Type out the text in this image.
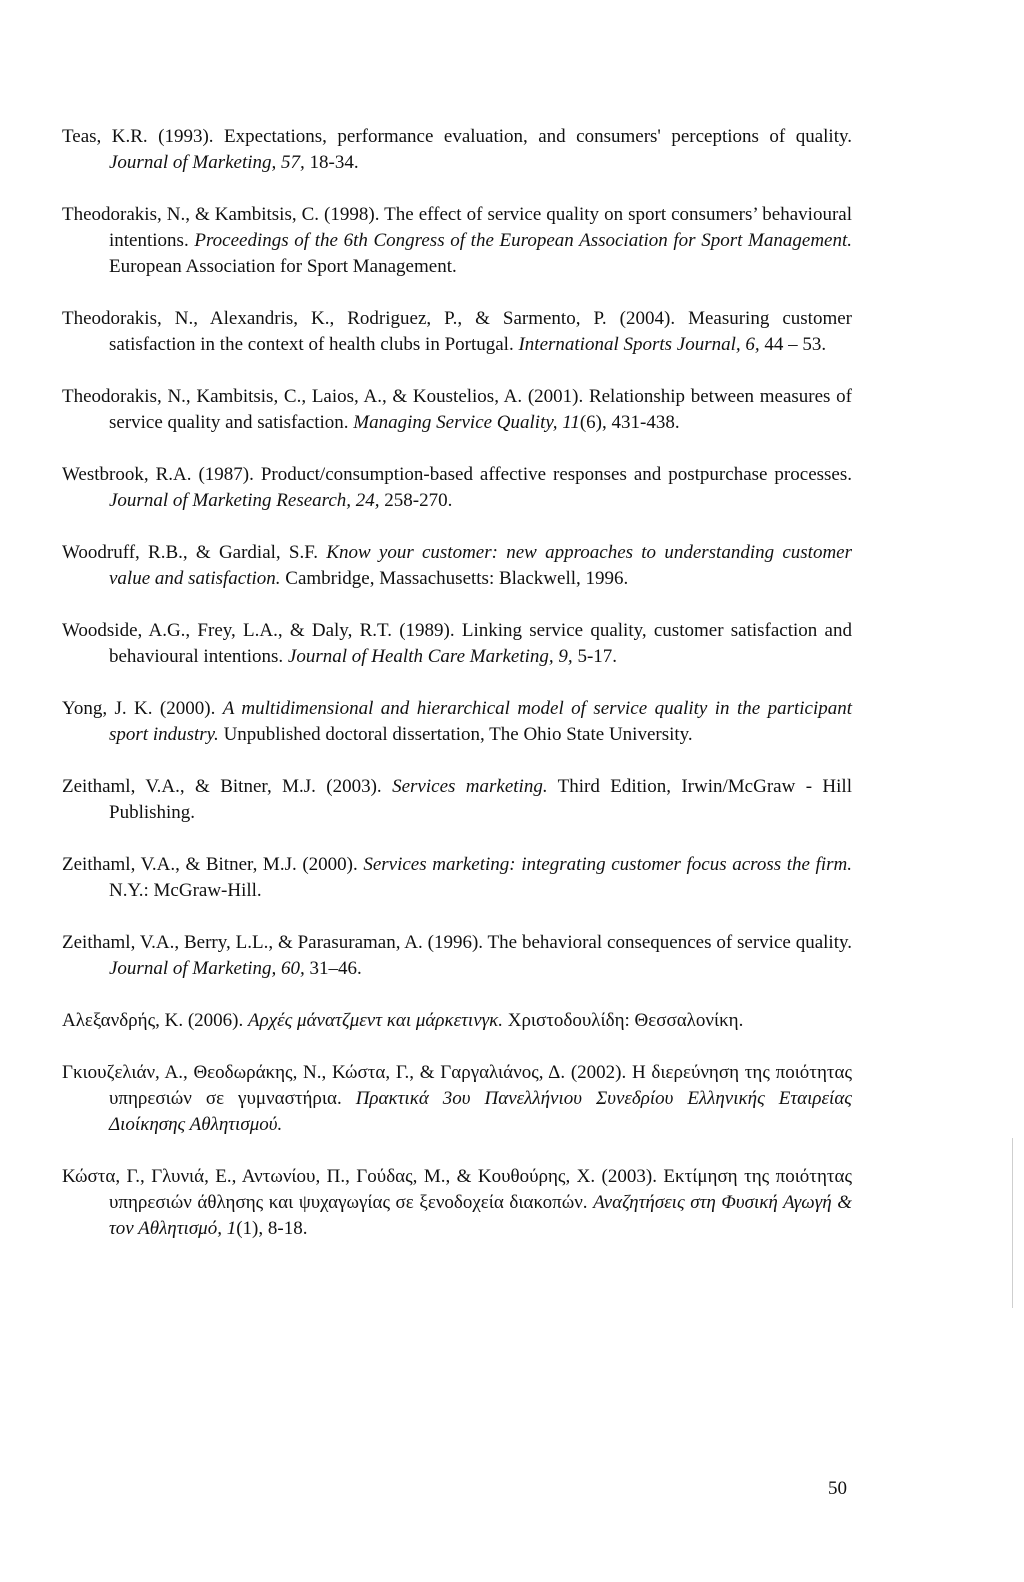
Teas, K.R. (1993). Expectations, performance evaluation, and consumers' perceptions of quality. Journal of Marketing, 57, 18-34.

Theodorakis, N., & Kambitsis, C. (1998). The effect of service quality on sport consumers’ behavioural intentions. Proceedings of the 6th Congress of the European Association for Sport Management. European Association for Sport Management.

Theodorakis, N., Alexandris, K., Rodriguez, P., & Sarmento, P. (2004). Measuring customer satisfaction in the context of health clubs in Portugal. International Sports Journal, 6, 44 – 53.

Theodorakis, N., Kambitsis, C., Laios, A., & Koustelios, A. (2001). Relationship between measures of service quality and satisfaction. Managing Service Quality, 11(6), 431-438.

Westbrook, R.A. (1987). Product/consumption-based affective responses and postpurchase processes. Journal of Marketing Research, 24, 258-270.

Woodruff, R.B., & Gardial, S.F. Know your customer: new approaches to understanding customer value and satisfaction. Cambridge, Massachusetts: Blackwell, 1996.

Woodside, A.G., Frey, L.A., & Daly, R.T. (1989). Linking service quality, customer satisfaction and behavioural intentions. Journal of Health Care Marketing, 9, 5-17.

Yong, J. K. (2000). A multidimensional and hierarchical model of service quality in the participant sport industry. Unpublished doctoral dissertation, The Ohio State University.

Zeithaml, V.A., & Bitner, M.J. (2003). Services marketing. Third Edition, Irwin/McGraw - Hill Publishing.

Zeithaml, V.A., & Bitner, M.J. (2000). Services marketing: integrating customer focus across the firm. N.Y.: McGraw-Hill.

Zeithaml, V.A., Berry, L.L., & Parasuraman, A. (1996). The behavioral consequences of service quality. Journal of Marketing, 60, 31–46.

Αλεξανδρής, Κ. (2006). Αρχές μάνατζμεντ και μάρκετινγκ. Χριστοδουλίδη: Θεσσαλονίκη.

Γκιουζελιάν, Α., Θεοδωράκης, Ν., Κώστα, Γ., & Γαργαλιάνος, Δ. (2002). Η διερεύνηση της ποιότητας υπηρεσιών σε γυμναστήρια. Πρακτικά 3ου Πανελλήνιου Συνεδρίου Ελληνικής Εταιρείας Διοίκησης Αθλητισμού.

Κώστα, Γ., Γλυνιά, Ε., Αντωνίου, Π., Γούδας, Μ., & Κουθούρης, Χ. (2003). Εκτίμηση της ποιότητας υπηρεσιών άθλησης και ψυχαγωγίας σε ξενοδοχεία διακοπών. Αναζητήσεις στη Φυσική Αγωγή & τον Αθλητισμό, 1(1), 8-18.

50
